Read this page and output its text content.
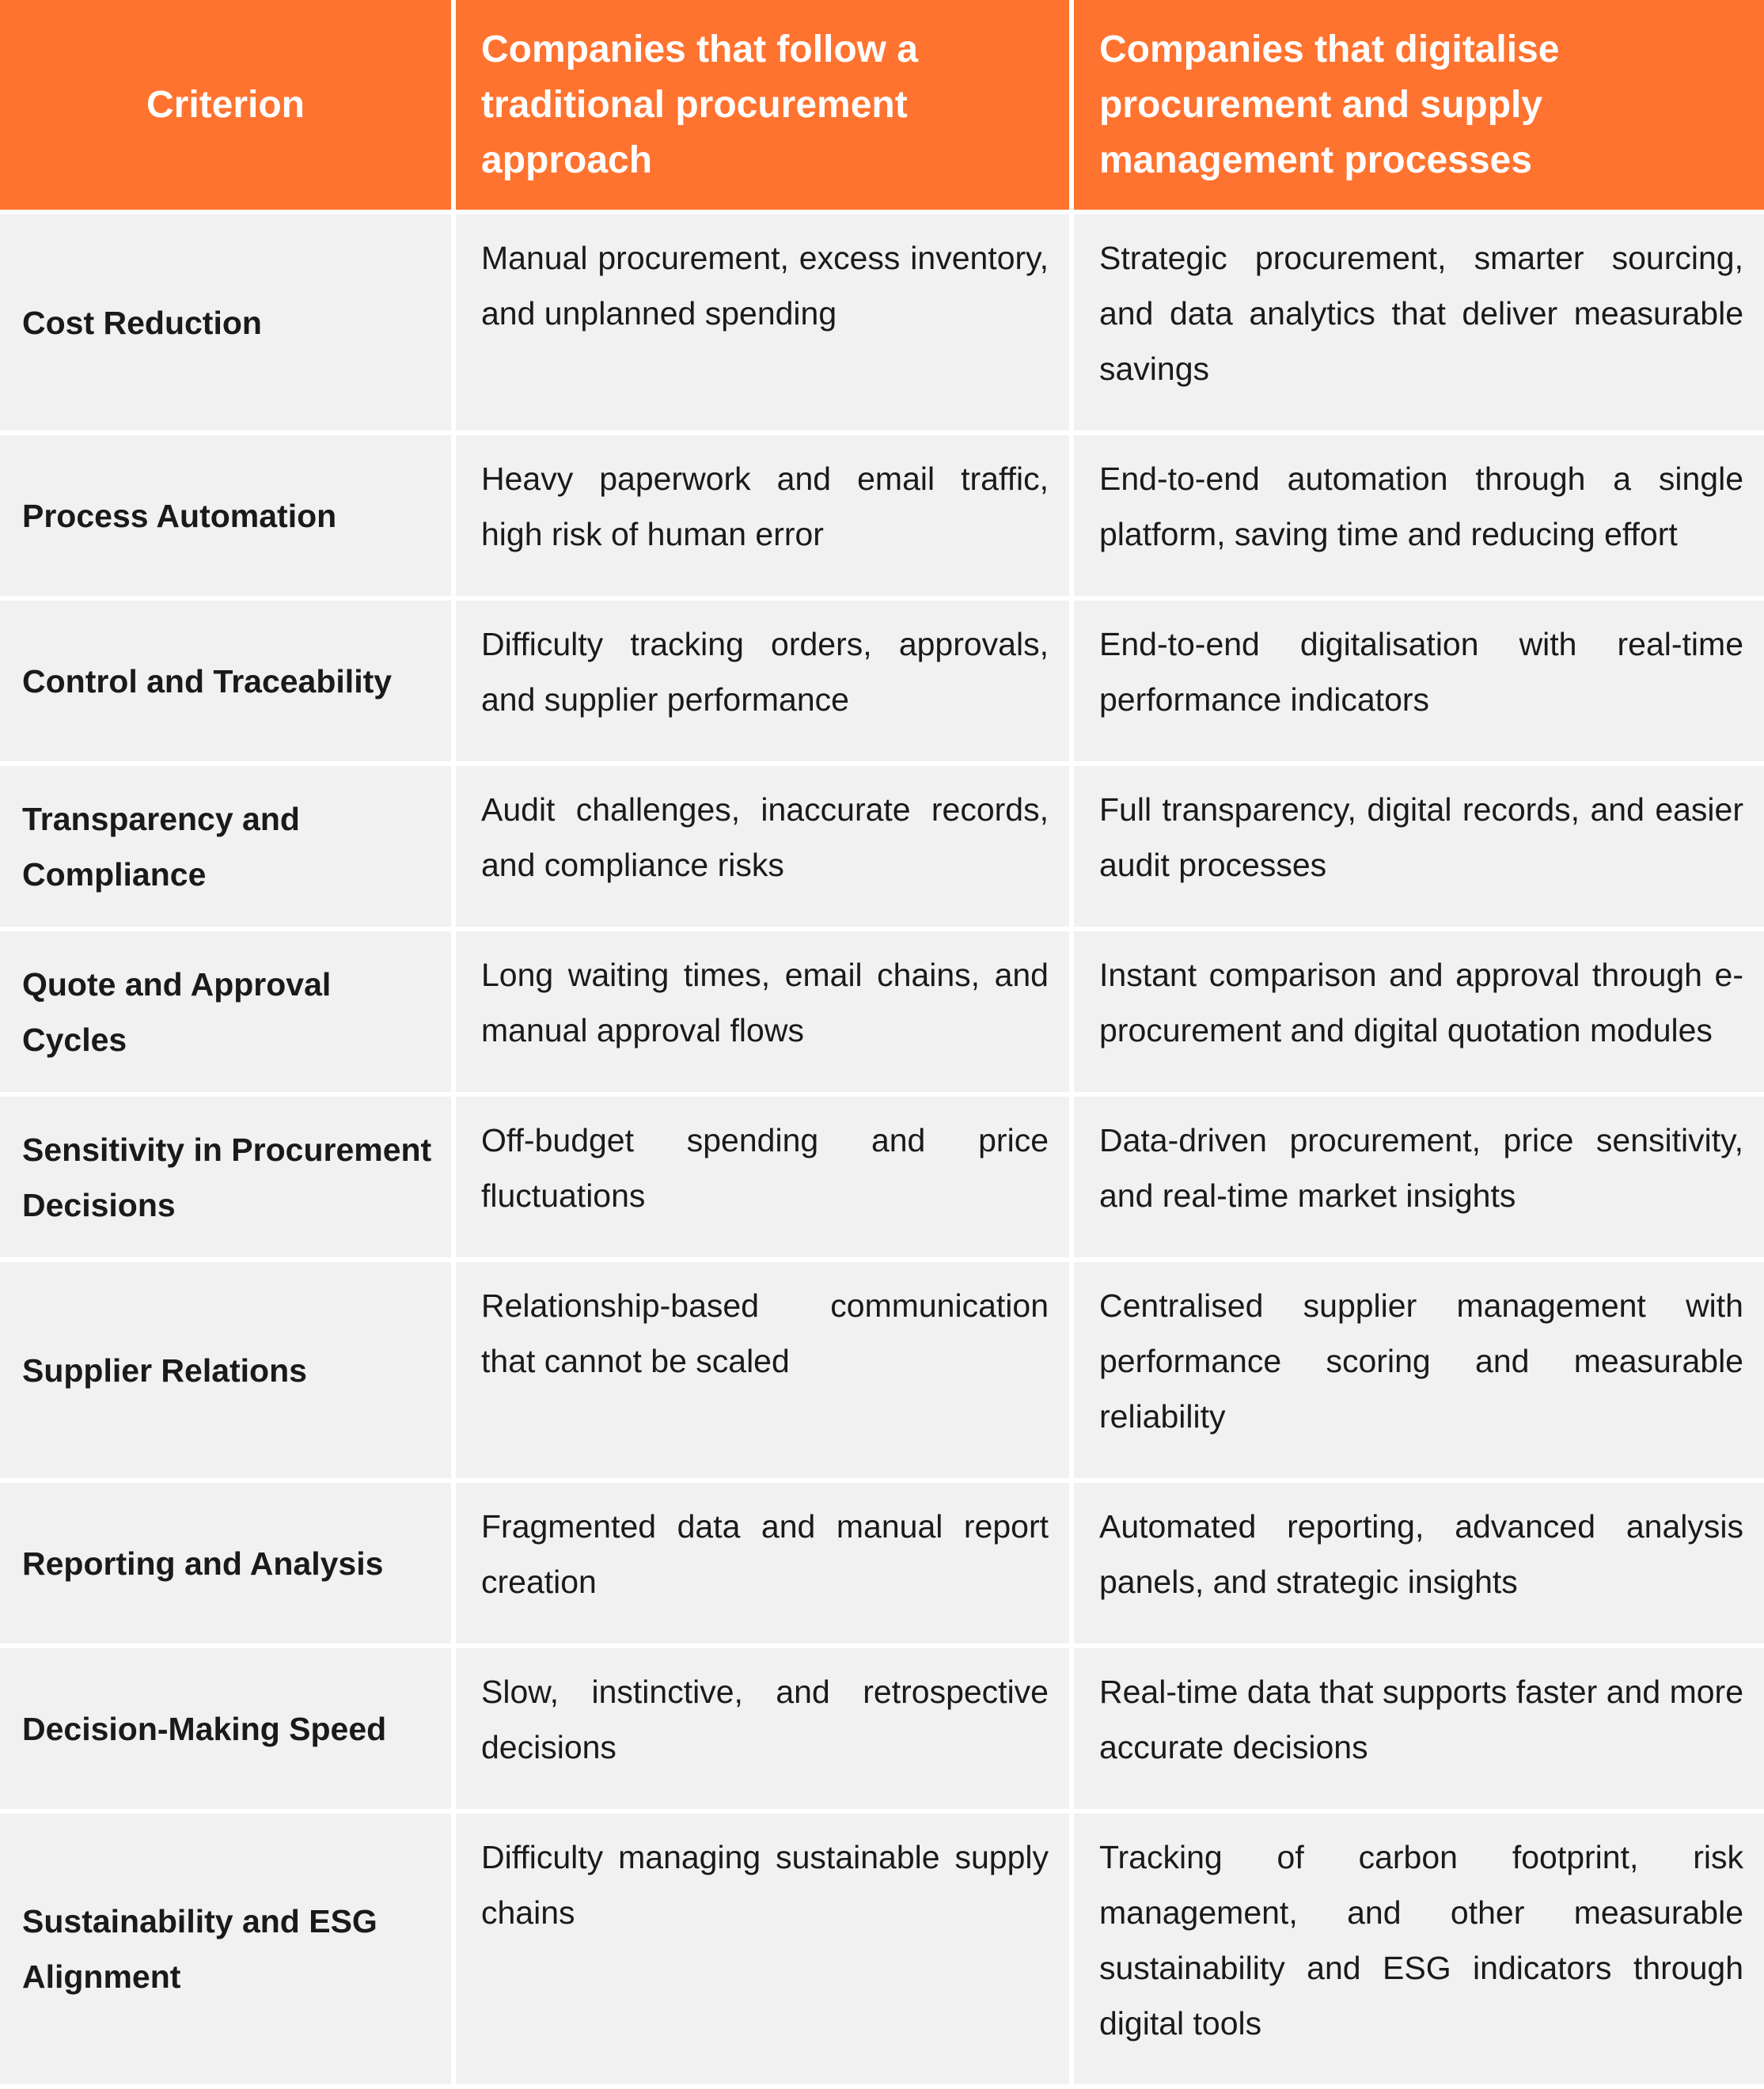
Criterion	Companies that follow a traditional procurement approach	Companies that digitalise procurement and supply management processes
Cost Reduction	Manual procurement, excess inventory, and unplanned spending	Strategic procurement, smarter sourcing, and data analytics that deliver measurable savings
Process Automation	Heavy paperwork and email traffic, high risk of human error	End-to-end automation through a single platform, saving time and reducing effort
Control and Traceability	Difficulty tracking orders, approvals, and supplier performance	End-to-end digitalisation with real-time performance indicators
Transparency and Compliance	Audit challenges, inaccurate records, and compliance risks	Full transparency, digital records, and easier audit processes
Quote and Approval Cycles	Long waiting times, email chains, and manual approval flows	Instant comparison and approval through e-procurement and digital quotation modules
Sensitivity in Procurement Decisions	Off-budget spending and price fluctuations	Data-driven procurement, price sensitivity, and real-time market insights
Supplier Relations	Relationship-based communication that cannot be scaled	Centralised supplier management with performance scoring and measurable reliability
Reporting and Analysis	Fragmented data and manual report creation	Automated reporting, advanced analysis panels, and strategic insights
Decision-Making Speed	Slow, instinctive, and retrospective decisions	Real-time data that supports faster and more accurate decisions
Sustainability and ESG Alignment	Difficulty managing sustainable supply chains	Tracking of carbon footprint, risk management, and other measurable sustainability and ESG indicators through digital tools
